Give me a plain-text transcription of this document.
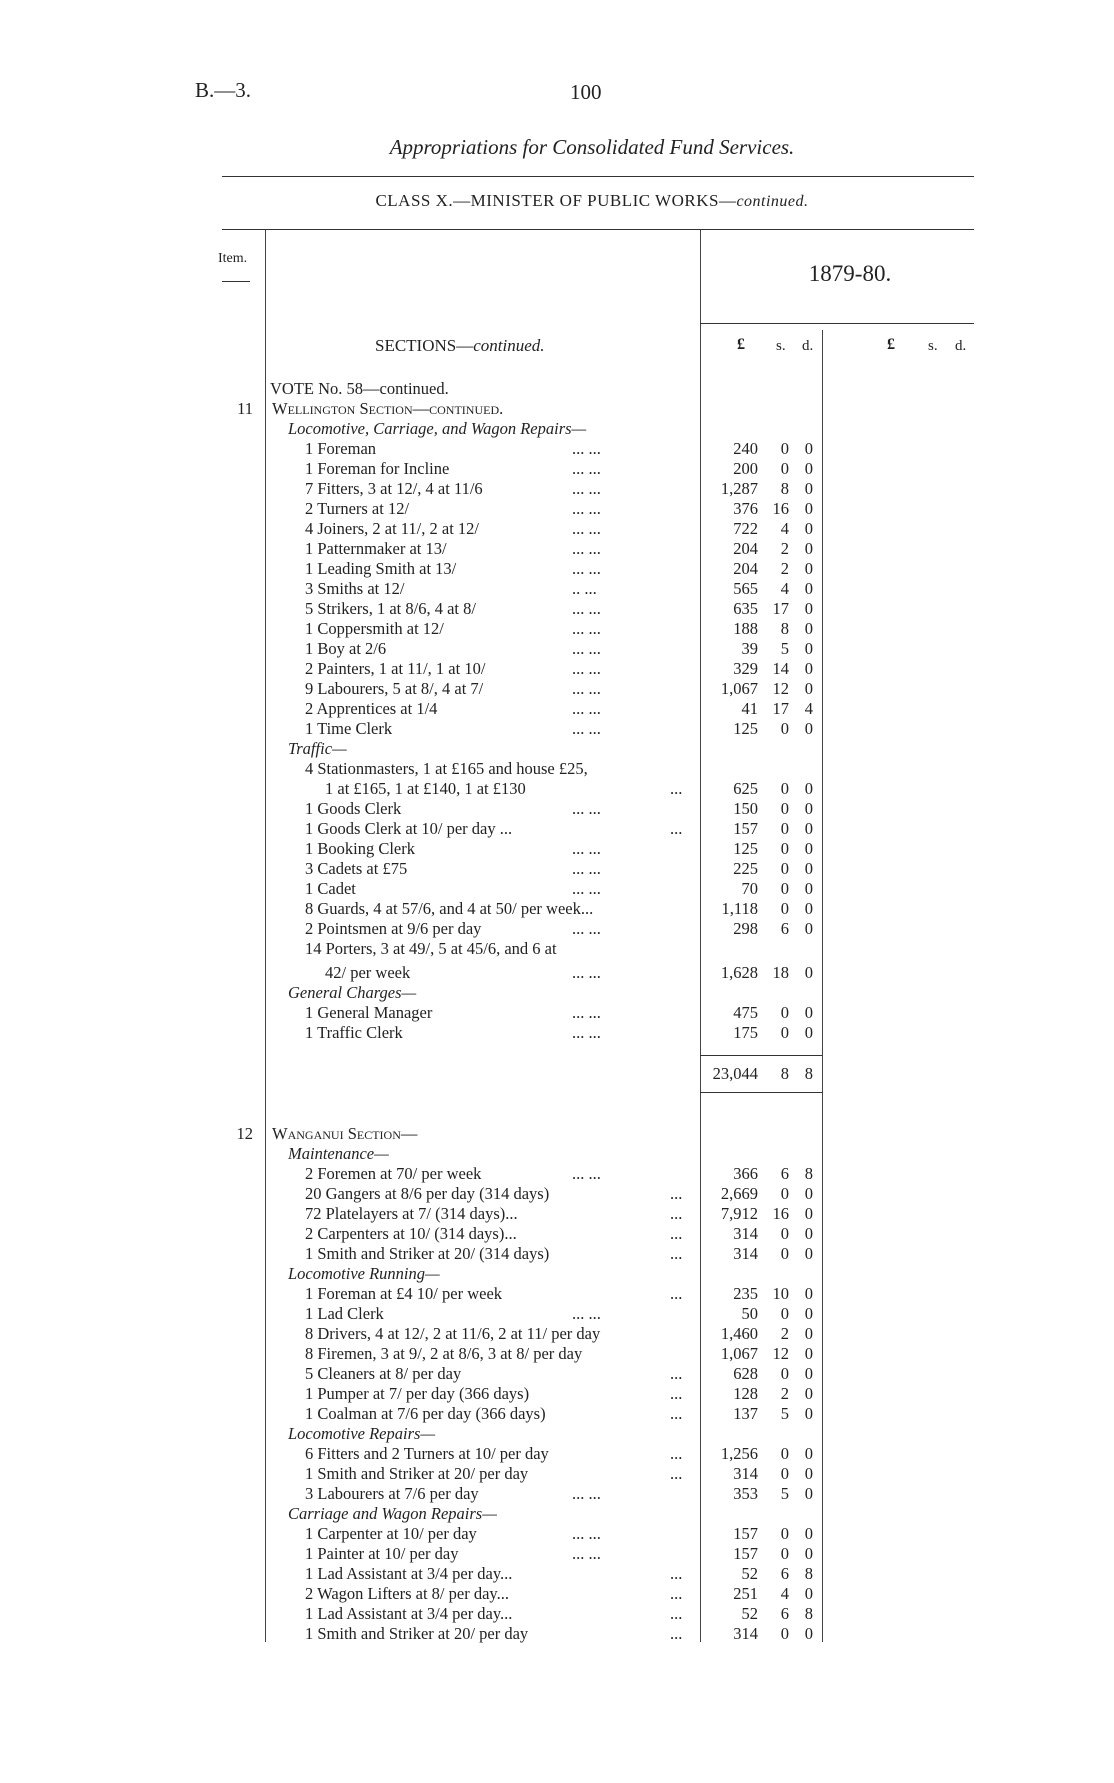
B.—3.	100
Appropriations for Consolidated Fund Services.
CLASS X.—MINISTER OF PUBLIC WORKS—continued.
Item.
1879-80.
SECTIONS—continued.	£ s. d.	£ s. d.
VOTE No. 58—continued.
11 Wellington Section—continued.
Locomotive, Carriage, and Wagon Repairs—
1 Foreman	... ...	240	0 0
1 Foreman for Incline	... ...	200	0 0
7 Fitters, 3 at 12/, 4 at 11/6	... ...	1,287	8 0
2 Turners at 12/	... ...	376 16 0
4 Joiners, 2 at 11/, 2 at 12/	... ...	722	4 0
1 Patternmaker at 13/	... ...	204	2 0
1 Leading Smith at 13/	... ...	204	2 0
3 Smiths at 12/	.. ...	565	4 0
5 Strikers, 1 at 8/6, 4 at 8/	... ...	635 17 0
1 Coppersmith at 12/	... ...	188	8 0
1 Boy at 2/6	... ...	39	5 0
2 Painters, 1 at 11/, 1 at 10/	... ...	329 14 0
9 Labourers, 5 at 8/, 4 at 7/	... ...	1,067 12 0
2 Apprentices at 1/4	... ...	41 17 4
1 Time Clerk	... ...	125	0 0
Traffic—
4 Stationmasters, 1 at £165 and house £25,
1 at £165, 1 at £140, 1 at £130	...	625	0 0
1 Goods Clerk	... ...	150	0 0
1 Goods Clerk at 10/ per day ...	...	157	0 0
1 Booking Clerk	... ...	125	0 0
3 Cadets at £75	... ...	225	0 0
1 Cadet	... ...	70	0 0
8 Guards, 4 at 57/6, and 4 at 50/ per week...	1,118	0 0
2 Pointsmen at 9/6 per day	... ...	298	6 0
14 Porters, 3 at 49/, 5 at 45/6, and 6 at
42/ per week	... ...	1,628 18 0
General Charges—
1 General Manager	... ...	475	0 0
1 Traffic Clerk	... ...	175	0 0
23,044	8 8
12 Wanganui Section—
Maintenance—
2 Foremen at 70/ per week	... ...	366	6 8
20 Gangers at 8/6 per day (314 days)	...	2,669	0 0
72 Platelayers at 7/ (314 days)...	...	7,912 16 0
2 Carpenters at 10/ (314 days)...	...	314	0 0
1 Smith and Striker at 20/ (314 days)	...	314	0 0
Locomotive Running—
1 Foreman at £4 10/ per week	...	235 10 0
1 Lad Clerk	... ...	50	0 0
8 Drivers, 4 at 12/, 2 at 11/6, 2 at 11/ per day	1,460	2 0
8 Firemen, 3 at 9/, 2 at 8/6, 3 at 8/ per day	1,067 12 0
5 Cleaners at 8/ per day	...	628	0 0
1 Pumper at 7/ per day (366 days)	...	128	2 0
1 Coalman at 7/6 per day (366 days)	...	137	5 0
Locomotive Repairs—
6 Fitters and 2 Turners at 10/ per day	...	1,256	0 0
1 Smith and Striker at 20/ per day	...	314	0 0
3 Labourers at 7/6 per day	... ...	353	5 0
Carriage and Wagon Repairs—
1 Carpenter at 10/ per day	... ...	157	0 0
1 Painter at 10/ per day	... ...	157	0 0
1 Lad Assistant at 3/4 per day...	...	52	6 8
2 Wagon Lifters at 8/ per day...	...	251	4 0
1 Lad Assistant at 3/4 per day...	...	52	6 8
1 Smith and Striker at 20/ per day	...	314	0 0
